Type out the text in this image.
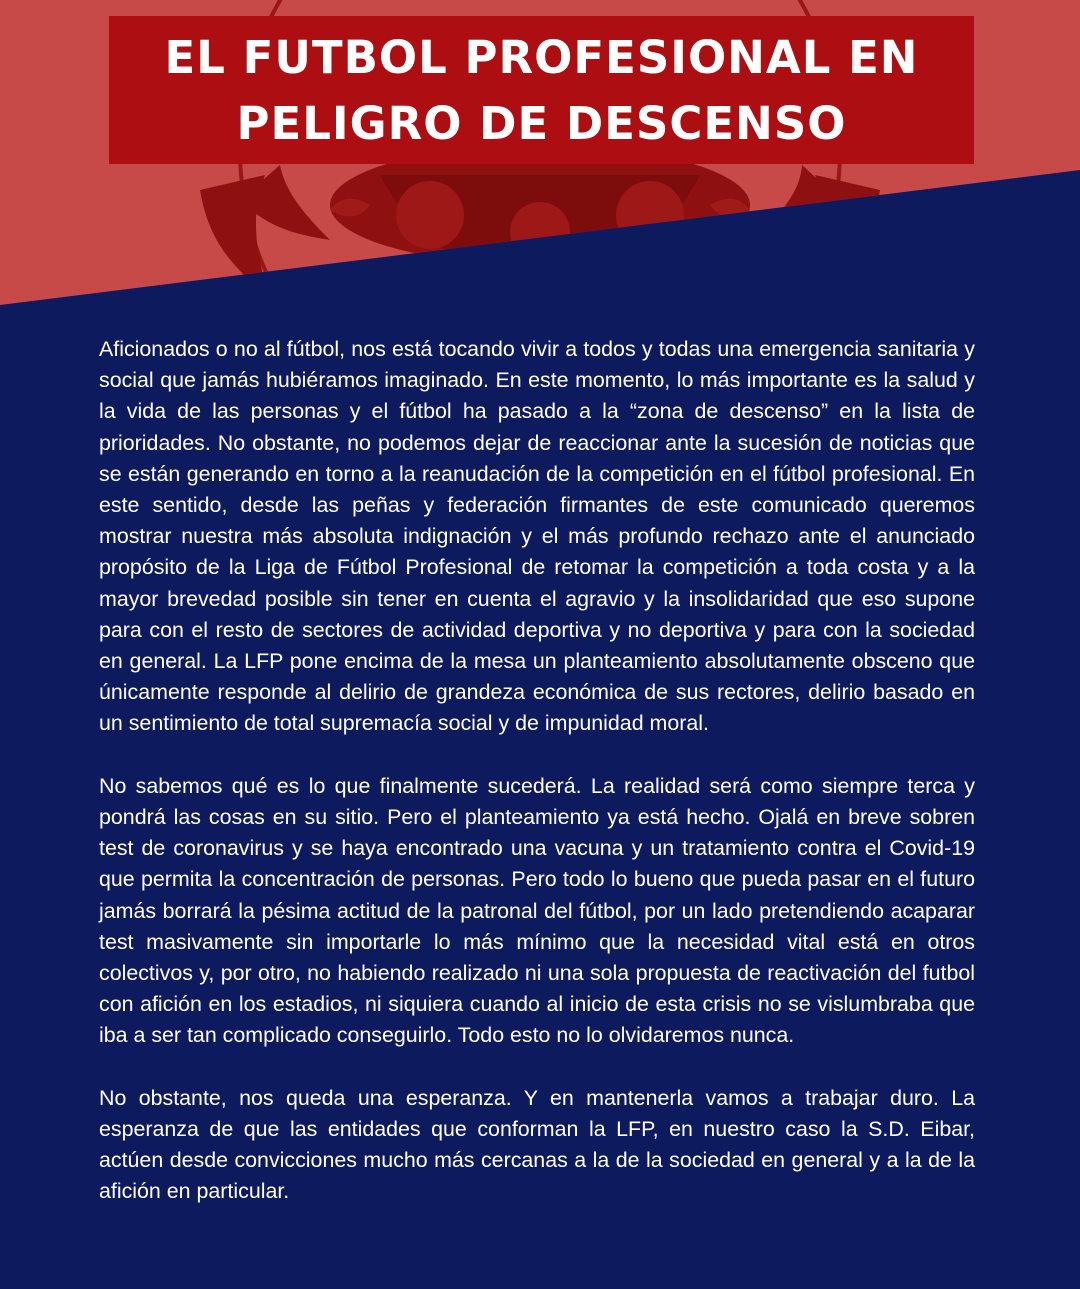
EL FUTBOL PROFESIONAL EN
PELIGRO DE DESCENSO

Aficionados o no al fútbol, nos está tocando vivir a todos y todas una emergencia sanitaria y social que jamás hubiéramos imaginado. En este momento, lo más importante es la salud y la vida de las personas y el fútbol ha pasado a la “zona de descenso” en la lista de prioridades. No obstante, no podemos dejar de reaccionar ante la sucesión de noticias que se están generando en torno a la reanudación de la competición en el fútbol profesional. En este sentido, desde las peñas y federación firmantes de este comunicado queremos mostrar nuestra más absoluta indignación y el más profundo rechazo ante el anunciado propósito de la Liga de Fútbol Profesional de retomar la competición a toda costa y a la mayor brevedad posible sin tener en cuenta el agravio y la insolidaridad que eso supone para con el resto de sectores de actividad deportiva y no deportiva y para con la sociedad en general. La LFP pone encima de la mesa un planteamiento absolutamente obsceno que únicamente responde al delirio de grandeza económica de sus rectores, delirio basado en un sentimiento de total supremacía social y de impunidad moral.

No sabemos qué es lo que finalmente sucederá. La realidad será como siempre terca y pondrá las cosas en su sitio. Pero el planteamiento ya está hecho. Ojalá en breve sobren test de coronavirus y se haya encontrado una vacuna y un tratamiento contra el Covid-19 que permita la concentración de personas. Pero todo lo bueno que pueda pasar en el futuro jamás borrará la pésima actitud de la patronal del fútbol, por un lado pretendiendo acaparar test masivamente sin importarle lo más mínimo que la necesidad vital está en otros colectivos y, por otro, no habiendo realizado ni una sola propuesta de reactivación del futbol con afición en los estadios, ni siquiera cuando al inicio de esta crisis no se vislumbraba que iba a ser tan complicado conseguirlo. Todo esto no lo olvidaremos nunca.

No obstante, nos queda una esperanza. Y en mantenerla vamos a trabajar duro. La esperanza de que las entidades que conforman la LFP, en nuestro caso la S.D. Eibar, actúen desde convicciones mucho más cercanas a la de la sociedad en general y a la de la afición en particular.
